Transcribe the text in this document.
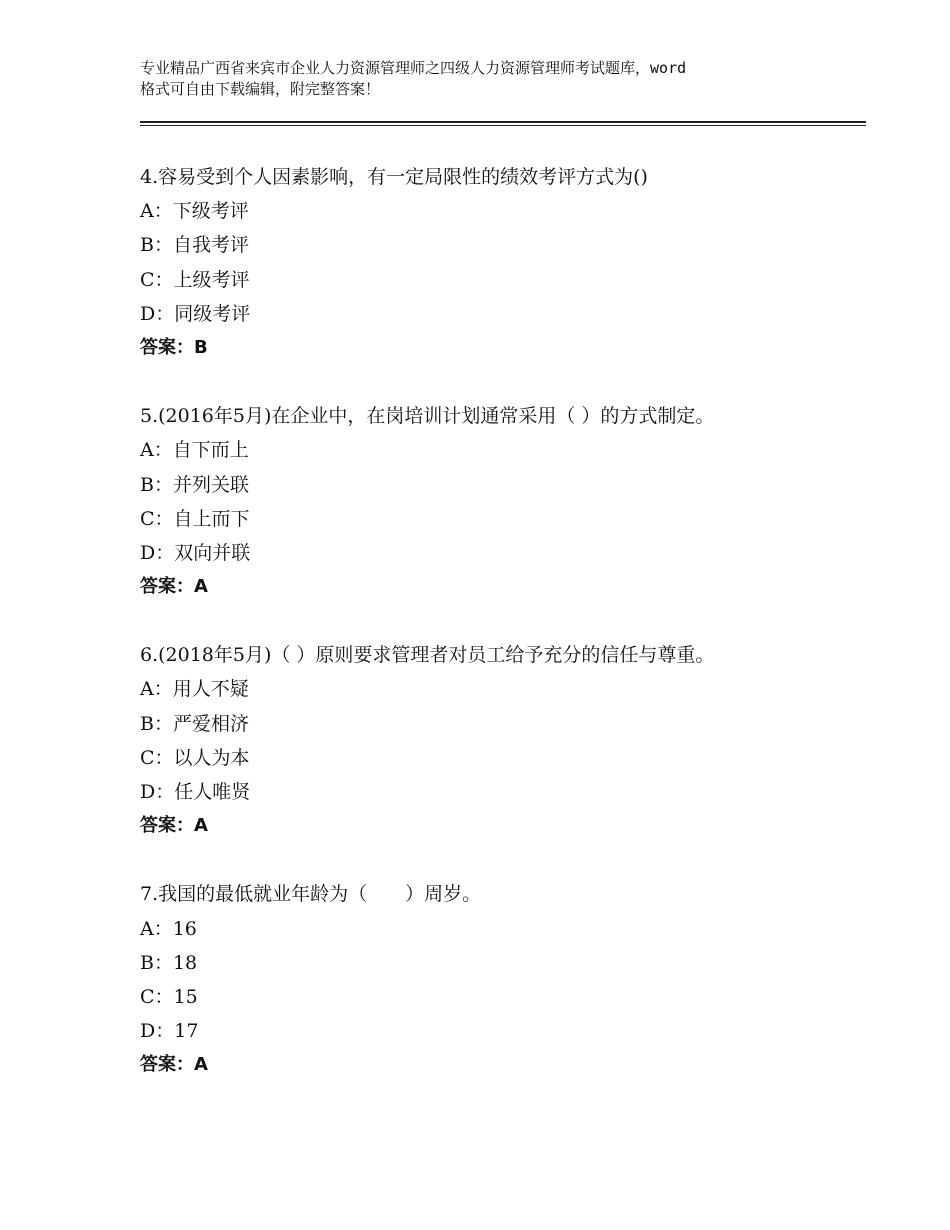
专业精品广西省来宾市企业人力资源管理师之四级人力资源管理师考试题库，word
格式可自由下载编辑，附完整答案！
4.容易受到个人因素影响，有一定局限性的绩效考评方式为()
A：下级考评
B：自我考评
C：上级考评
D：同级考评
答案：B
5.(2016年5月)在企业中，在岗培训计划通常采用（ ）的方式制定。
A：自下而上
B：并列关联
C：自上而下
D：双向并联
答案：A
6.(2018年5月)（ ）原则要求管理者对员工给予充分的信任与尊重。
A：用人不疑
B：严爱相济
C：以人为本
D：任人唯贤
答案：A
7.我国的最低就业年龄为（　　）周岁。
A：16
B：18
C：15
D：17
答案：A
